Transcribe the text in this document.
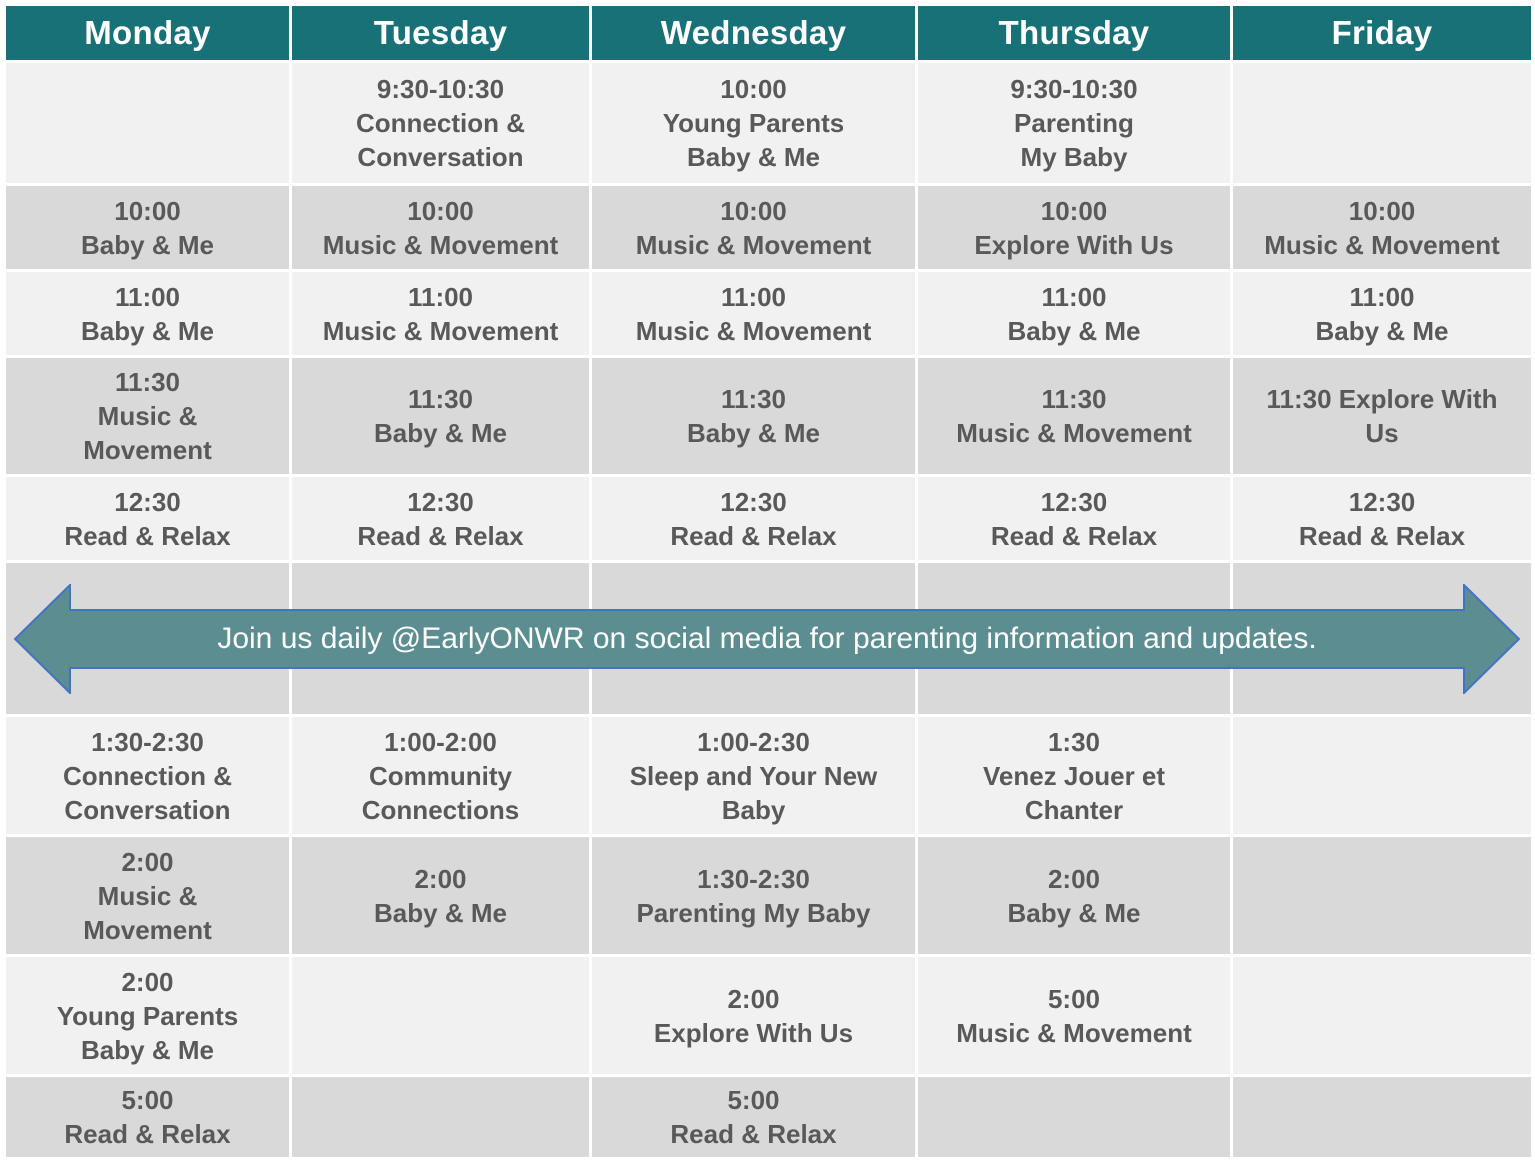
Monday	Tuesday	Wednesday	Thursday	Friday

	9:30-10:30
Connection &
Conversation	10:00
Young Parents
Baby & Me	9:30-10:30
Parenting
My Baby	

10:00
Baby & Me	10:00
Music & Movement	10:00
Music & Movement	10:00
Explore With Us	10:00
Music & Movement

11:00
Baby & Me	11:00
Music & Movement	11:00
Music & Movement	11:00
Baby & Me	11:00
Baby & Me

11:30
Music &
Movement	11:30
Baby & Me	11:30
Baby & Me	11:30
Music & Movement	11:30 Explore With
Us

12:30
Read & Relax	12:30
Read & Relax	12:30
Read & Relax	12:30
Read & Relax	12:30
Read & Relax

1:30-2:30
Connection &
Conversation	1:00-2:00
Community
Connections	1:00-2:30
Sleep and Your New
Baby	1:30
Venez Jouer et
Chanter	

2:00
Music &
Movement	2:00
Baby & Me	1:30-2:30
Parenting My Baby	2:00
Baby & Me	

2:00
Young Parents
Baby & Me		2:00
Explore With Us	5:00
Music & Movement	

5:00
Read & Relax		5:00
Read & Relax		

Join us daily @EarlyONWR on social media for parenting information and updates.
